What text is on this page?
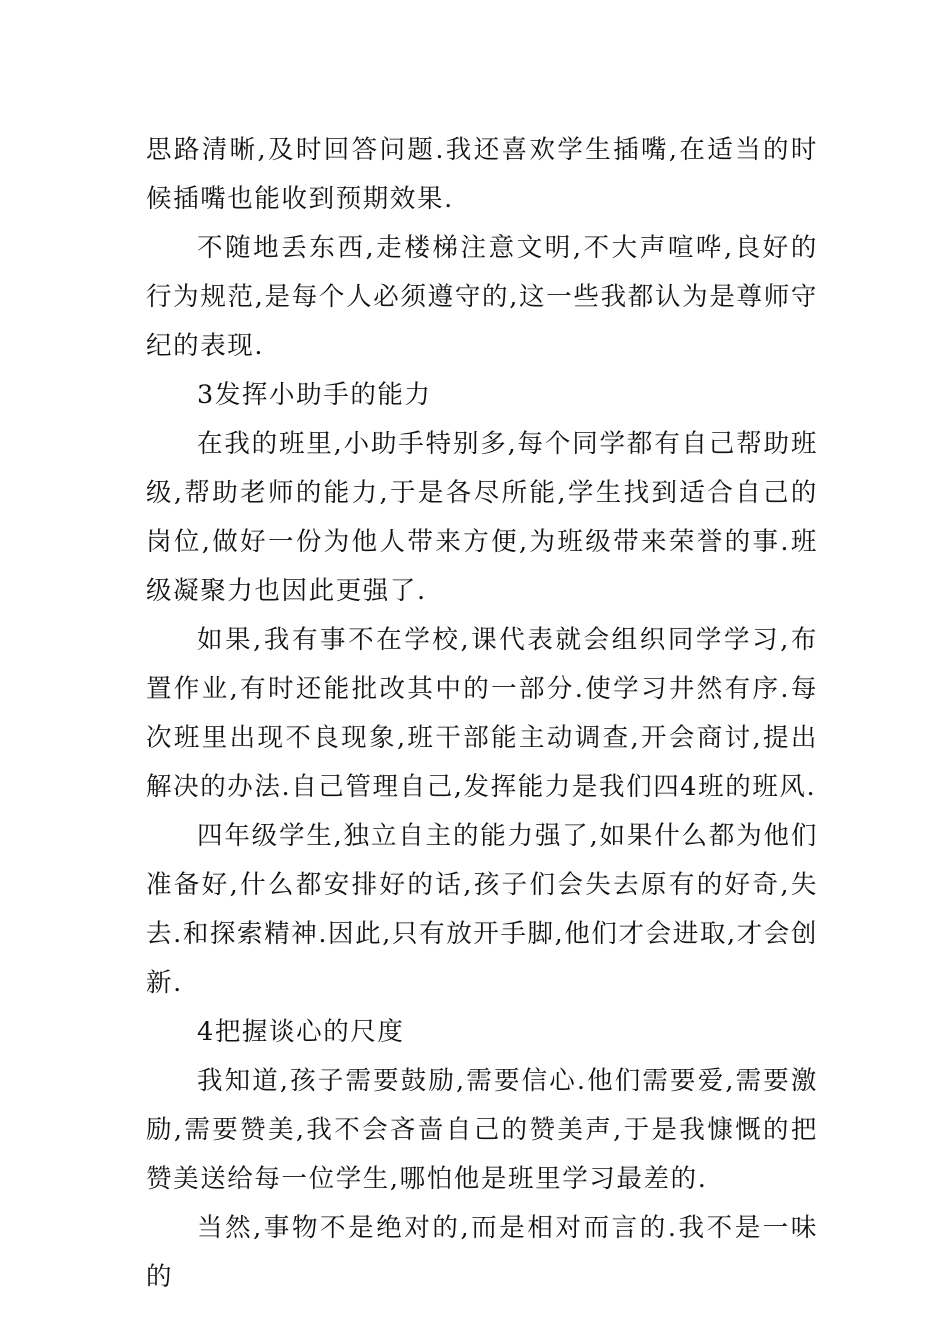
思路清晰,及时回答问题.我还喜欢学生插嘴,在适当的时候插嘴也能收到预期效果.

不随地丢东西,走楼梯注意文明,不大声喧哗,良好的行为规范,是每个人必须遵守的,这一些我都认为是尊师守纪的表现.

3发挥小助手的能力

在我的班里,小助手特别多,每个同学都有自己帮助班级,帮助老师的能力,于是各尽所能,学生找到适合自己的岗位,做好一份为他人带来方便,为班级带来荣誉的事.班级凝聚力也因此更强了.

如果,我有事不在学校,课代表就会组织同学学习,布置作业,有时还能批改其中的一部分.使学习井然有序.每次班里出现不良现象,班干部能主动调查,开会商讨,提出解决的办法.自己管理自己,发挥能力是我们四4班的班风.

四年级学生,独立自主的能力强了,如果什么都为他们准备好,什么都安排好的话,孩子们会失去原有的好奇,失去.和探索精神.因此,只有放开手脚,他们才会进取,才会创新.

4把握谈心的尺度

我知道,孩子需要鼓励,需要信心.他们需要爱,需要激励,需要赞美,我不会吝啬自己的赞美声,于是我慷慨的把赞美送给每一位学生,哪怕他是班里学习最差的.

当然,事物不是绝对的,而是相对而言的.我不是一味的
